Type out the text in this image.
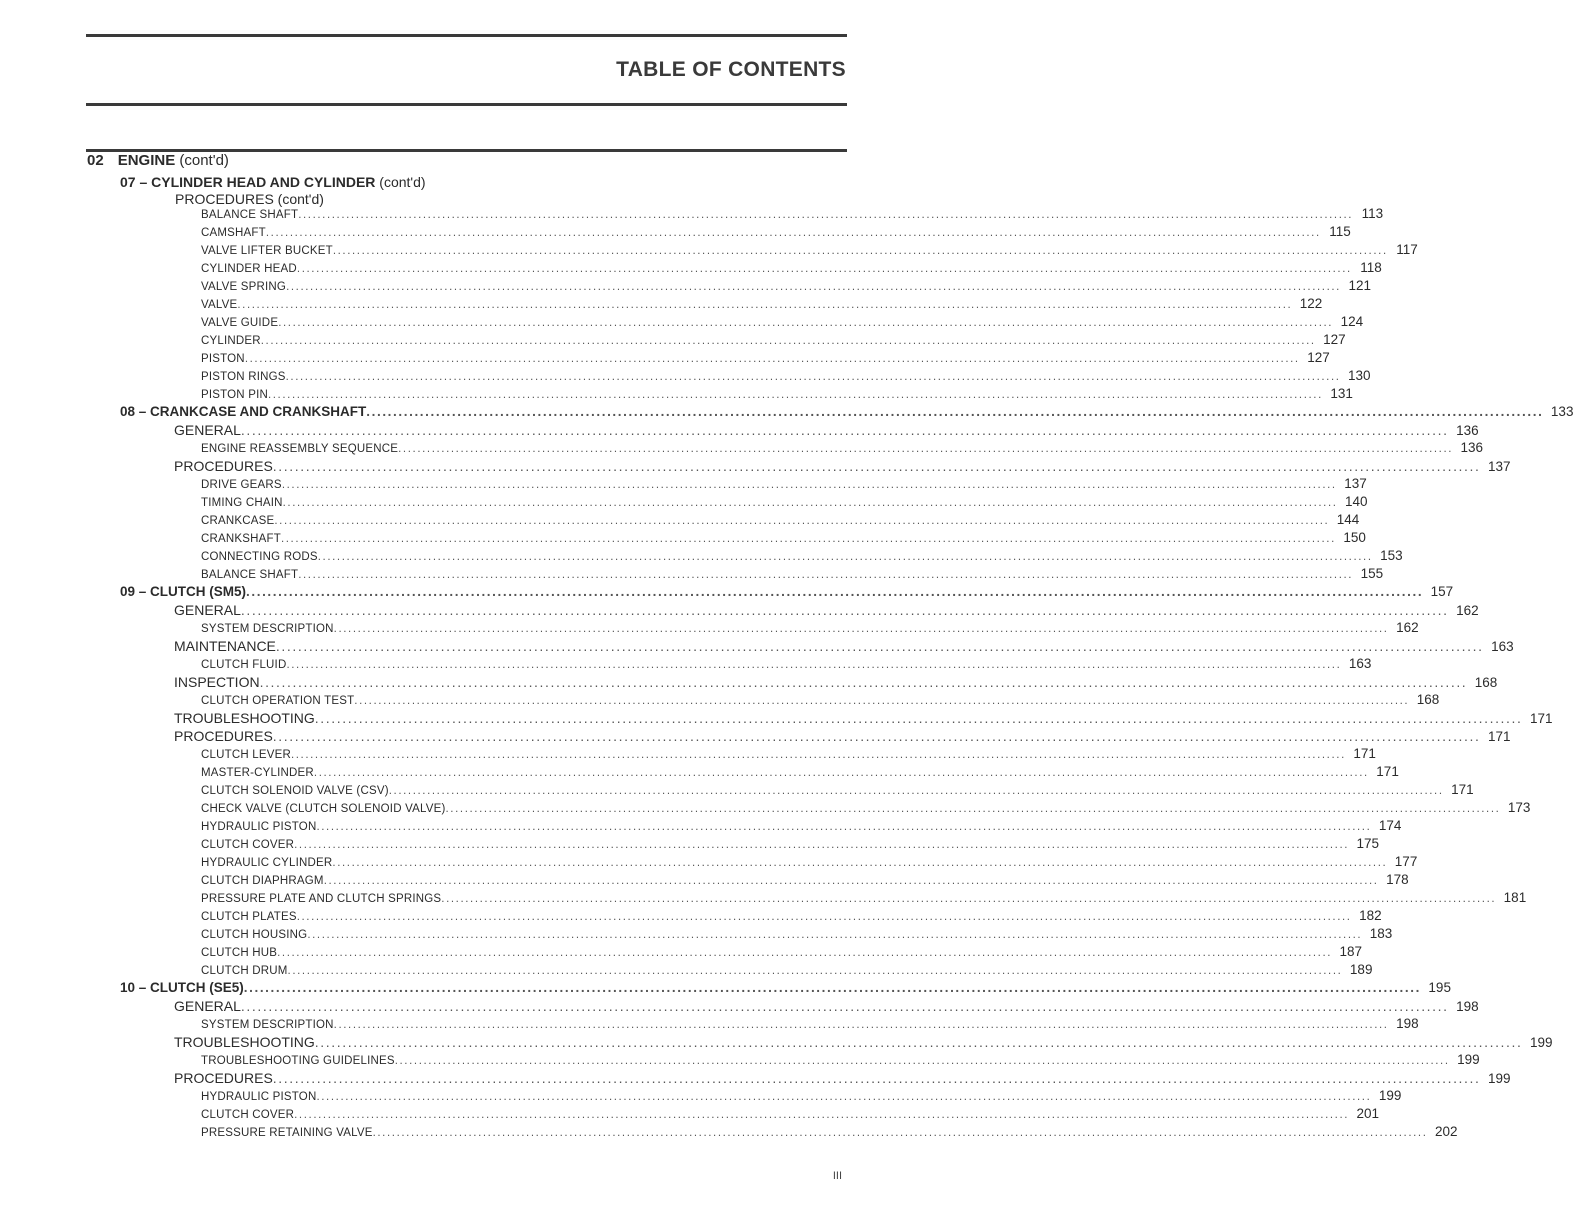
TABLE OF CONTENTS
02 ENGINE (cont'd)
07 – CYLINDER HEAD AND CYLINDER (cont'd)
PROCEDURES (cont'd)
BALANCE SHAFT ............................................................................................................................................................................................................................ 113
CAMSHAFT ............................................................................................................................................................................................................................ 115
VALVE LIFTER BUCKET ............................................................................................................................................................................................................................ 117
CYLINDER HEAD ............................................................................................................................................................................................................................ 118
VALVE SPRING ............................................................................................................................................................................................................................ 121
VALVE ............................................................................................................................................................................................................................ 122
VALVE GUIDE ............................................................................................................................................................................................................................ 124
CYLINDER ............................................................................................................................................................................................................................ 127
PISTON ............................................................................................................................................................................................................................ 127
PISTON RINGS ............................................................................................................................................................................................................................ 130
PISTON PIN ............................................................................................................................................................................................................................ 131
08 – CRANKCASE AND CRANKSHAFT ............................................................................................................................................................................................................................ 133
GENERAL ............................................................................................................................................................................................................................ 136
ENGINE REASSEMBLY SEQUENCE ............................................................................................................................................................................................................................ 136
PROCEDURES ............................................................................................................................................................................................................................ 137
DRIVE GEARS ............................................................................................................................................................................................................................ 137
TIMING CHAIN ............................................................................................................................................................................................................................ 140
CRANKCASE ............................................................................................................................................................................................................................ 144
CRANKSHAFT ............................................................................................................................................................................................................................ 150
CONNECTING RODS ............................................................................................................................................................................................................................ 153
BALANCE SHAFT ............................................................................................................................................................................................................................ 155
09 – CLUTCH (SM5) ............................................................................................................................................................................................................................ 157
GENERAL ............................................................................................................................................................................................................................ 162
SYSTEM DESCRIPTION ............................................................................................................................................................................................................................ 162
MAINTENANCE ............................................................................................................................................................................................................................ 163
CLUTCH FLUID ............................................................................................................................................................................................................................ 163
INSPECTION ............................................................................................................................................................................................................................ 168
CLUTCH OPERATION TEST ............................................................................................................................................................................................................................ 168
TROUBLESHOOTING ............................................................................................................................................................................................................................ 171
PROCEDURES ............................................................................................................................................................................................................................ 171
CLUTCH LEVER ............................................................................................................................................................................................................................ 171
MASTER-CYLINDER ............................................................................................................................................................................................................................ 171
CLUTCH SOLENOID VALVE (CSV) ............................................................................................................................................................................................................................ 171
CHECK VALVE (CLUTCH SOLENOID VALVE) ............................................................................................................................................................................................................................ 173
HYDRAULIC PISTON ............................................................................................................................................................................................................................ 174
CLUTCH COVER ............................................................................................................................................................................................................................ 175
HYDRAULIC CYLINDER ............................................................................................................................................................................................................................ 177
CLUTCH DIAPHRAGM ............................................................................................................................................................................................................................ 178
PRESSURE PLATE AND CLUTCH SPRINGS ............................................................................................................................................................................................................................ 181
CLUTCH PLATES ............................................................................................................................................................................................................................ 182
CLUTCH HOUSING ............................................................................................................................................................................................................................ 183
CLUTCH HUB ............................................................................................................................................................................................................................ 187
CLUTCH DRUM ............................................................................................................................................................................................................................ 189
10 – CLUTCH (SE5) ............................................................................................................................................................................................................................ 195
GENERAL ............................................................................................................................................................................................................................ 198
SYSTEM DESCRIPTION ............................................................................................................................................................................................................................ 198
TROUBLESHOOTING ............................................................................................................................................................................................................................ 199
TROUBLESHOOTING GUIDELINES ............................................................................................................................................................................................................................ 199
PROCEDURES ............................................................................................................................................................................................................................ 199
HYDRAULIC PISTON ............................................................................................................................................................................................................................ 199
CLUTCH COVER ............................................................................................................................................................................................................................ 201
PRESSURE RETAINING VALVE ............................................................................................................................................................................................................................ 202
III
